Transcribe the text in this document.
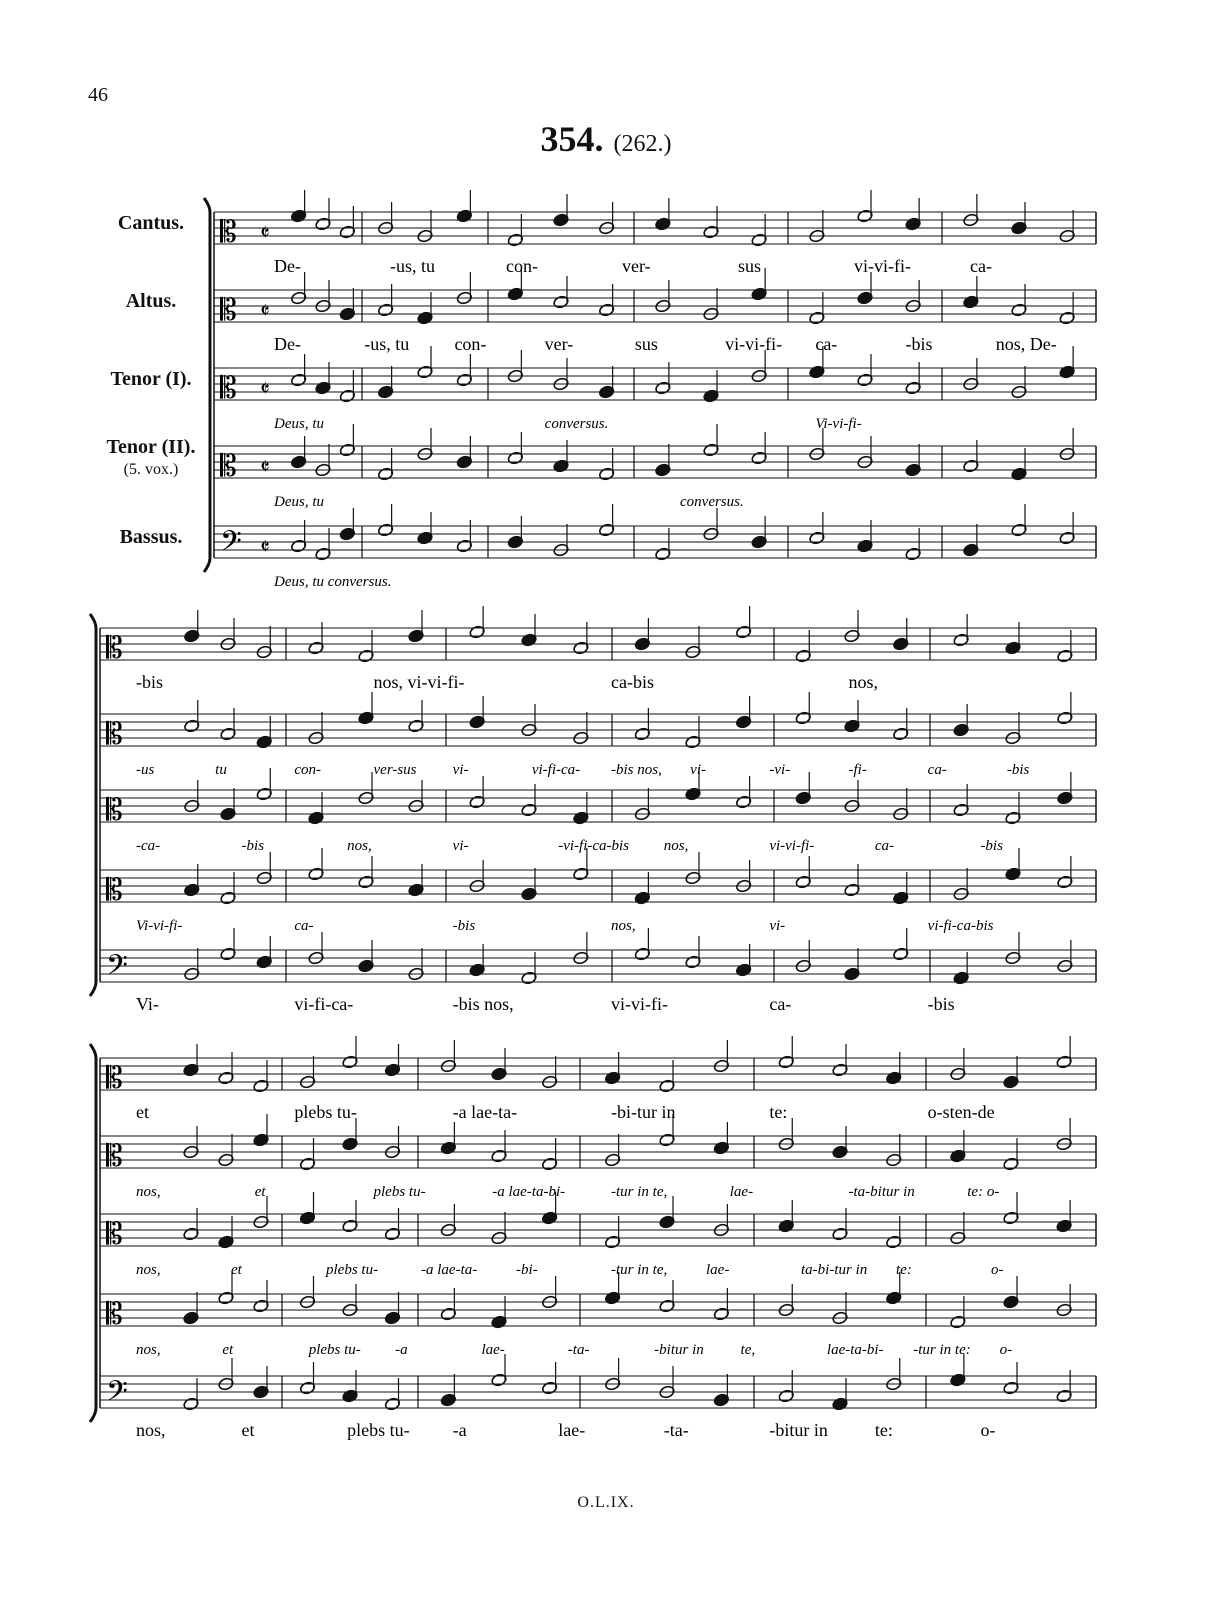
46
354. (262.)
Cantus.
Altus.
Tenor (I).
Tenor (II).
(5. vox.)
Bassus.
𝄡 𝄵
𝄡 𝄵
𝄡 𝄵
𝄡 𝄵
𝄢 𝄵
De-	-us, tu	con-	ver-	sus	vi-vi-fi-	ca-
De-	-us, tu	con-	ver-	sus	vi-vi-fi- ca-	-bis	nos, De-
Deus, tu	conversus.	Vi-vi-fi-
Deus, tu	conversus.
Deus, tu conversus.
𝄡
𝄡
𝄡
𝄡
𝄢
-bis	nos, vi-vi-fi-	ca-bis	nos,
-us	tu	con-	ver-sus vi-	vi-fi-ca- -bis nos, vi-	-vi-	-fi-	ca-	-bis
-ca-	-bis	nos,	vi-	-vi-fi-ca-bis nos,	vi-vi-fi-	ca-	-bis
Vi-vi-fi-	ca-	-bis	nos,	vi-	vi-fi-ca-bis
Vi-	vi-fi-ca-	-bis nos,	vi-vi-fi-	ca-	-bis
𝄡
𝄡
𝄡
𝄡
𝄢
et	plebs tu-	-a lae-ta-	-bi-tur in	te:	o-sten-de
nos,	et	plebs tu-	-a lae-ta-bi-	-tur in te,	lae-	-ta-bitur in	te: o-
nos,	et	plebs tu-	-a lae-ta-	-bi-	-tur in te,	lae-	ta-bi-tur in te:	o-
nos,	et	plebs tu- -a	lae-	-ta-	-bitur in te,	lae-ta-bi- -tur in te: o-
nos,	et	plebs tu- -a	lae-	-ta-	-bitur in	te:	o-
O.L.IX.
